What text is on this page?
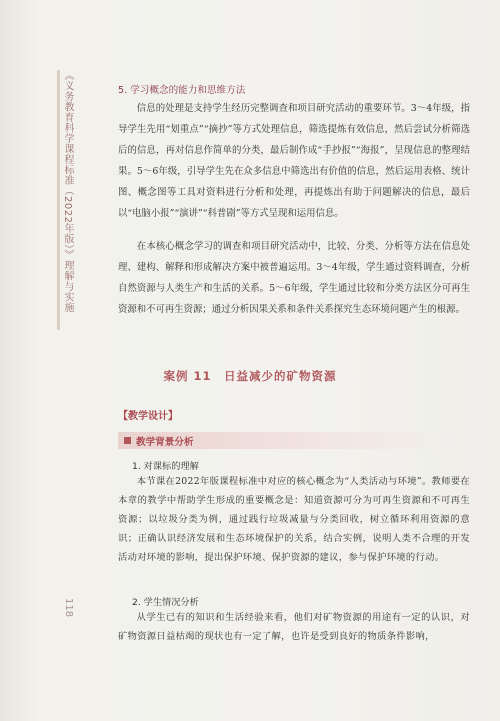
《义务教育科学课程标准（2022年版）》理解与实施
118
5. 学习概念的能力和思维方法

信息的处理是支持学生经历完整调查和项目研究活动的重要环节。3～4年级，指导学生先用“划重点”“摘抄”等方式处理信息，筛选提炼有效信息，然后尝试分析筛选后的信息，再对信息作简单的分类，最后制作成“手抄报”“海报”，呈现信息的整理结果。5～6年级，引导学生先在众多信息中筛选出有价值的信息，然后运用表格、统计图、概念图等工具对资料进行分析和处理，再提炼出有助于问题解决的信息，最后以“电脑小报”“演讲”“科普剧”等方式呈现和运用信息。

在本核心概念学习的调查和项目研究活动中，比较、分类、分析等方法在信息处理、建构、解释和形成解决方案中被普遍运用。3～4年级，学生通过资料调查，分析自然资源与人类生产和生活的关系。5～6年级，学生通过比较和分类方法区分可再生资源和不可再生资源；通过分析因果关系和条件关系探究生态环境问题产生的根源。

案例 11　日益减少的矿物资源
【教学设计】
教学背景分析
1. 对课标的理解

本节课在2022年版课程标准中对应的核心概念为“人类活动与环境”。教师要在本章的教学中帮助学生形成的重要概念是：知道资源可分为可再生资源和不可再生资源；以垃圾分类为例，通过践行垃圾减量与分类回收，树立循环利用资源的意识；正确认识经济发展和生态环境保护的关系，结合实例，说明人类不合理的开发活动对环境的影响，提出保护环境、保护资源的建议，参与保护环境的行动。

2. 学生情况分析

从学生已有的知识和生活经验来看，他们对矿物资源的用途有一定的认识，对矿物资源日益枯竭的现状也有一定了解，也许是受到良好的物质条件影响，
